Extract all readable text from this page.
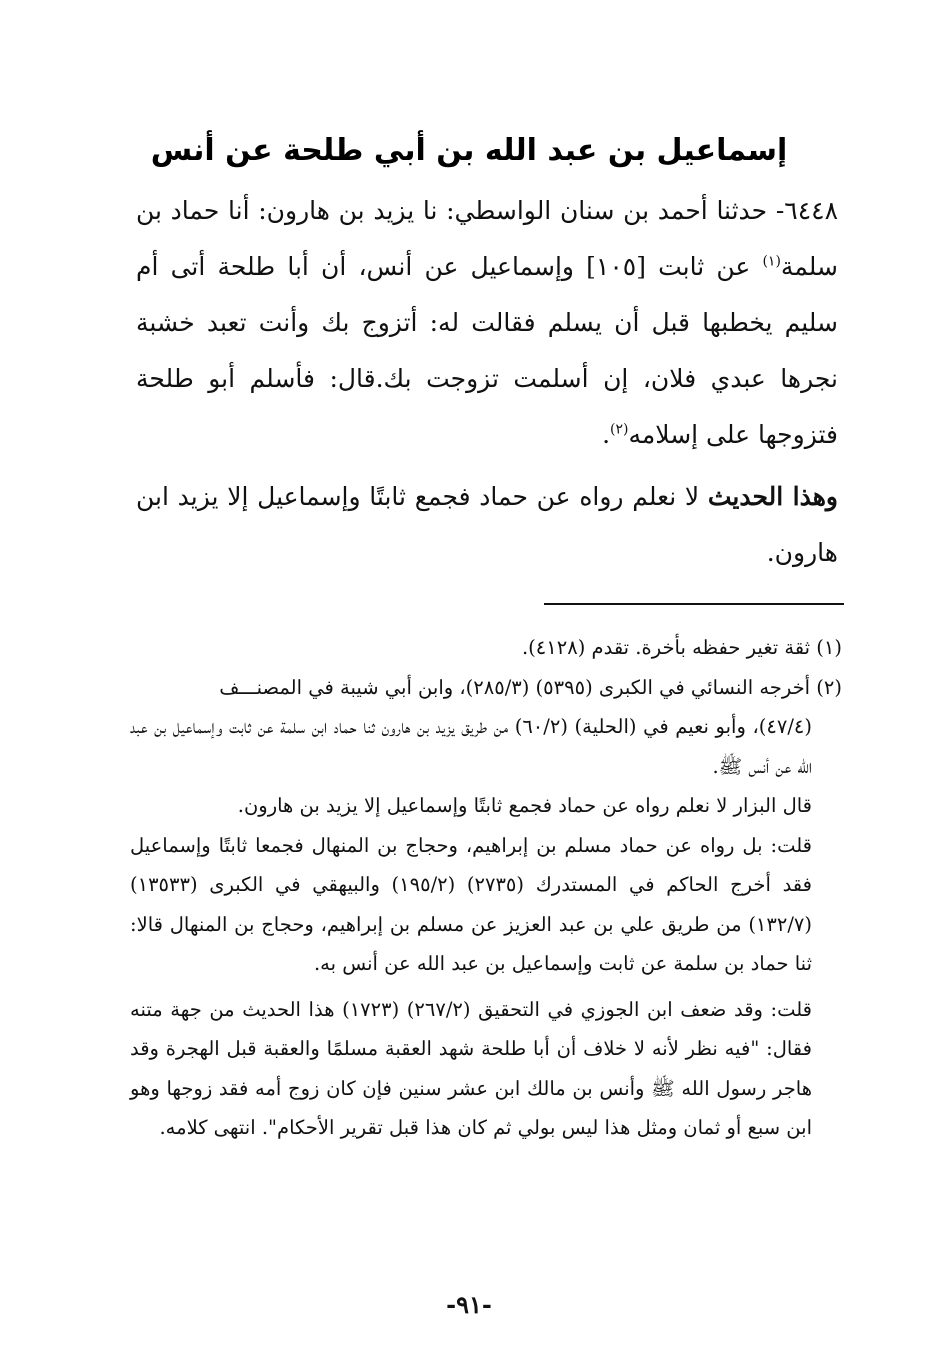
إسماعيل بن عبد الله بن أبي طلحة عن أنس

٦٤٤٨- حدثنا أحمد بن سنان الواسطي: نا يزيد بن هارون: أنا حماد بن سلمة$^{(١)}$ عن ثابت [١٠٥] وإسماعيل عن أنس، أن أبا طلحة أتى أم سليم يخطبها قبل أن يسلم فقالت له: أتزوج بك وأنت تعبد خشبة نجرها عبدي فلان، إن أسلمت تزوجت بك.قال: فأسلم أبو طلحة فتزوجها على إسلامه$^{(٢)}$.

وهذا الحديث لا نعلم رواه عن حماد فجمع ثابتًا وإسماعيل إلا يزيد ابن هارون.

(١) ثقة تغير حفظه بأخرة. تقدم (٤١٢٨).

(٢) أخرجه النسائي في الكبرى (٥٣٩٥) (٢٨٥/٣)، وابن أبي شيبة في المصنـــف

(٤٧/٤)، وأبو نعيم في (الحلية) (٦٠/٢) من طريق يزيد بن هارون ثنا حماد ابن سلمة عن ثابت وإسماعيل بن عبد الله عن أنس ﷺ.

قال البزار لا نعلم رواه عن حماد فجمع ثابتًا وإسماعيل إلا يزيد بن هارون.

قلت: بل رواه عن حماد مسلم بن إبراهيم، وحجاج بن المنهال فجمعا ثابتًا وإسماعيل فقد أخرج الحاكم في المستدرك (٢٧٣٥) (١٩٥/٢) والبيهقي في الكبرى (١٣٥٣٣) (١٣٢/٧) من طريق علي بن عبد العزيز عن مسلم بن إبراهيم، وحجاج بن المنهال قالا: ثنا حماد بن سلمة عن ثابت وإسماعيل بن عبد الله عن أنس به.

قلت: وقد ضعف ابن الجوزي في التحقيق (٢٦٧/٢) (١٧٢٣) هذا الحديث من جهة متنه فقال: "فيه نظر لأنه لا خلاف أن أبا طلحة شهد العقبة مسلمًا والعقبة قبل الهجرة وقد هاجر رسول الله ﷺ وأنس بن مالك ابن عشر سنين فإن كان زوج أمه فقد زوجها وهو ابن سبع أو ثمان ومثل هذا ليس بولي ثم كان هذا قبل تقرير الأحكام". انتهى كلامه.

-٩١-
